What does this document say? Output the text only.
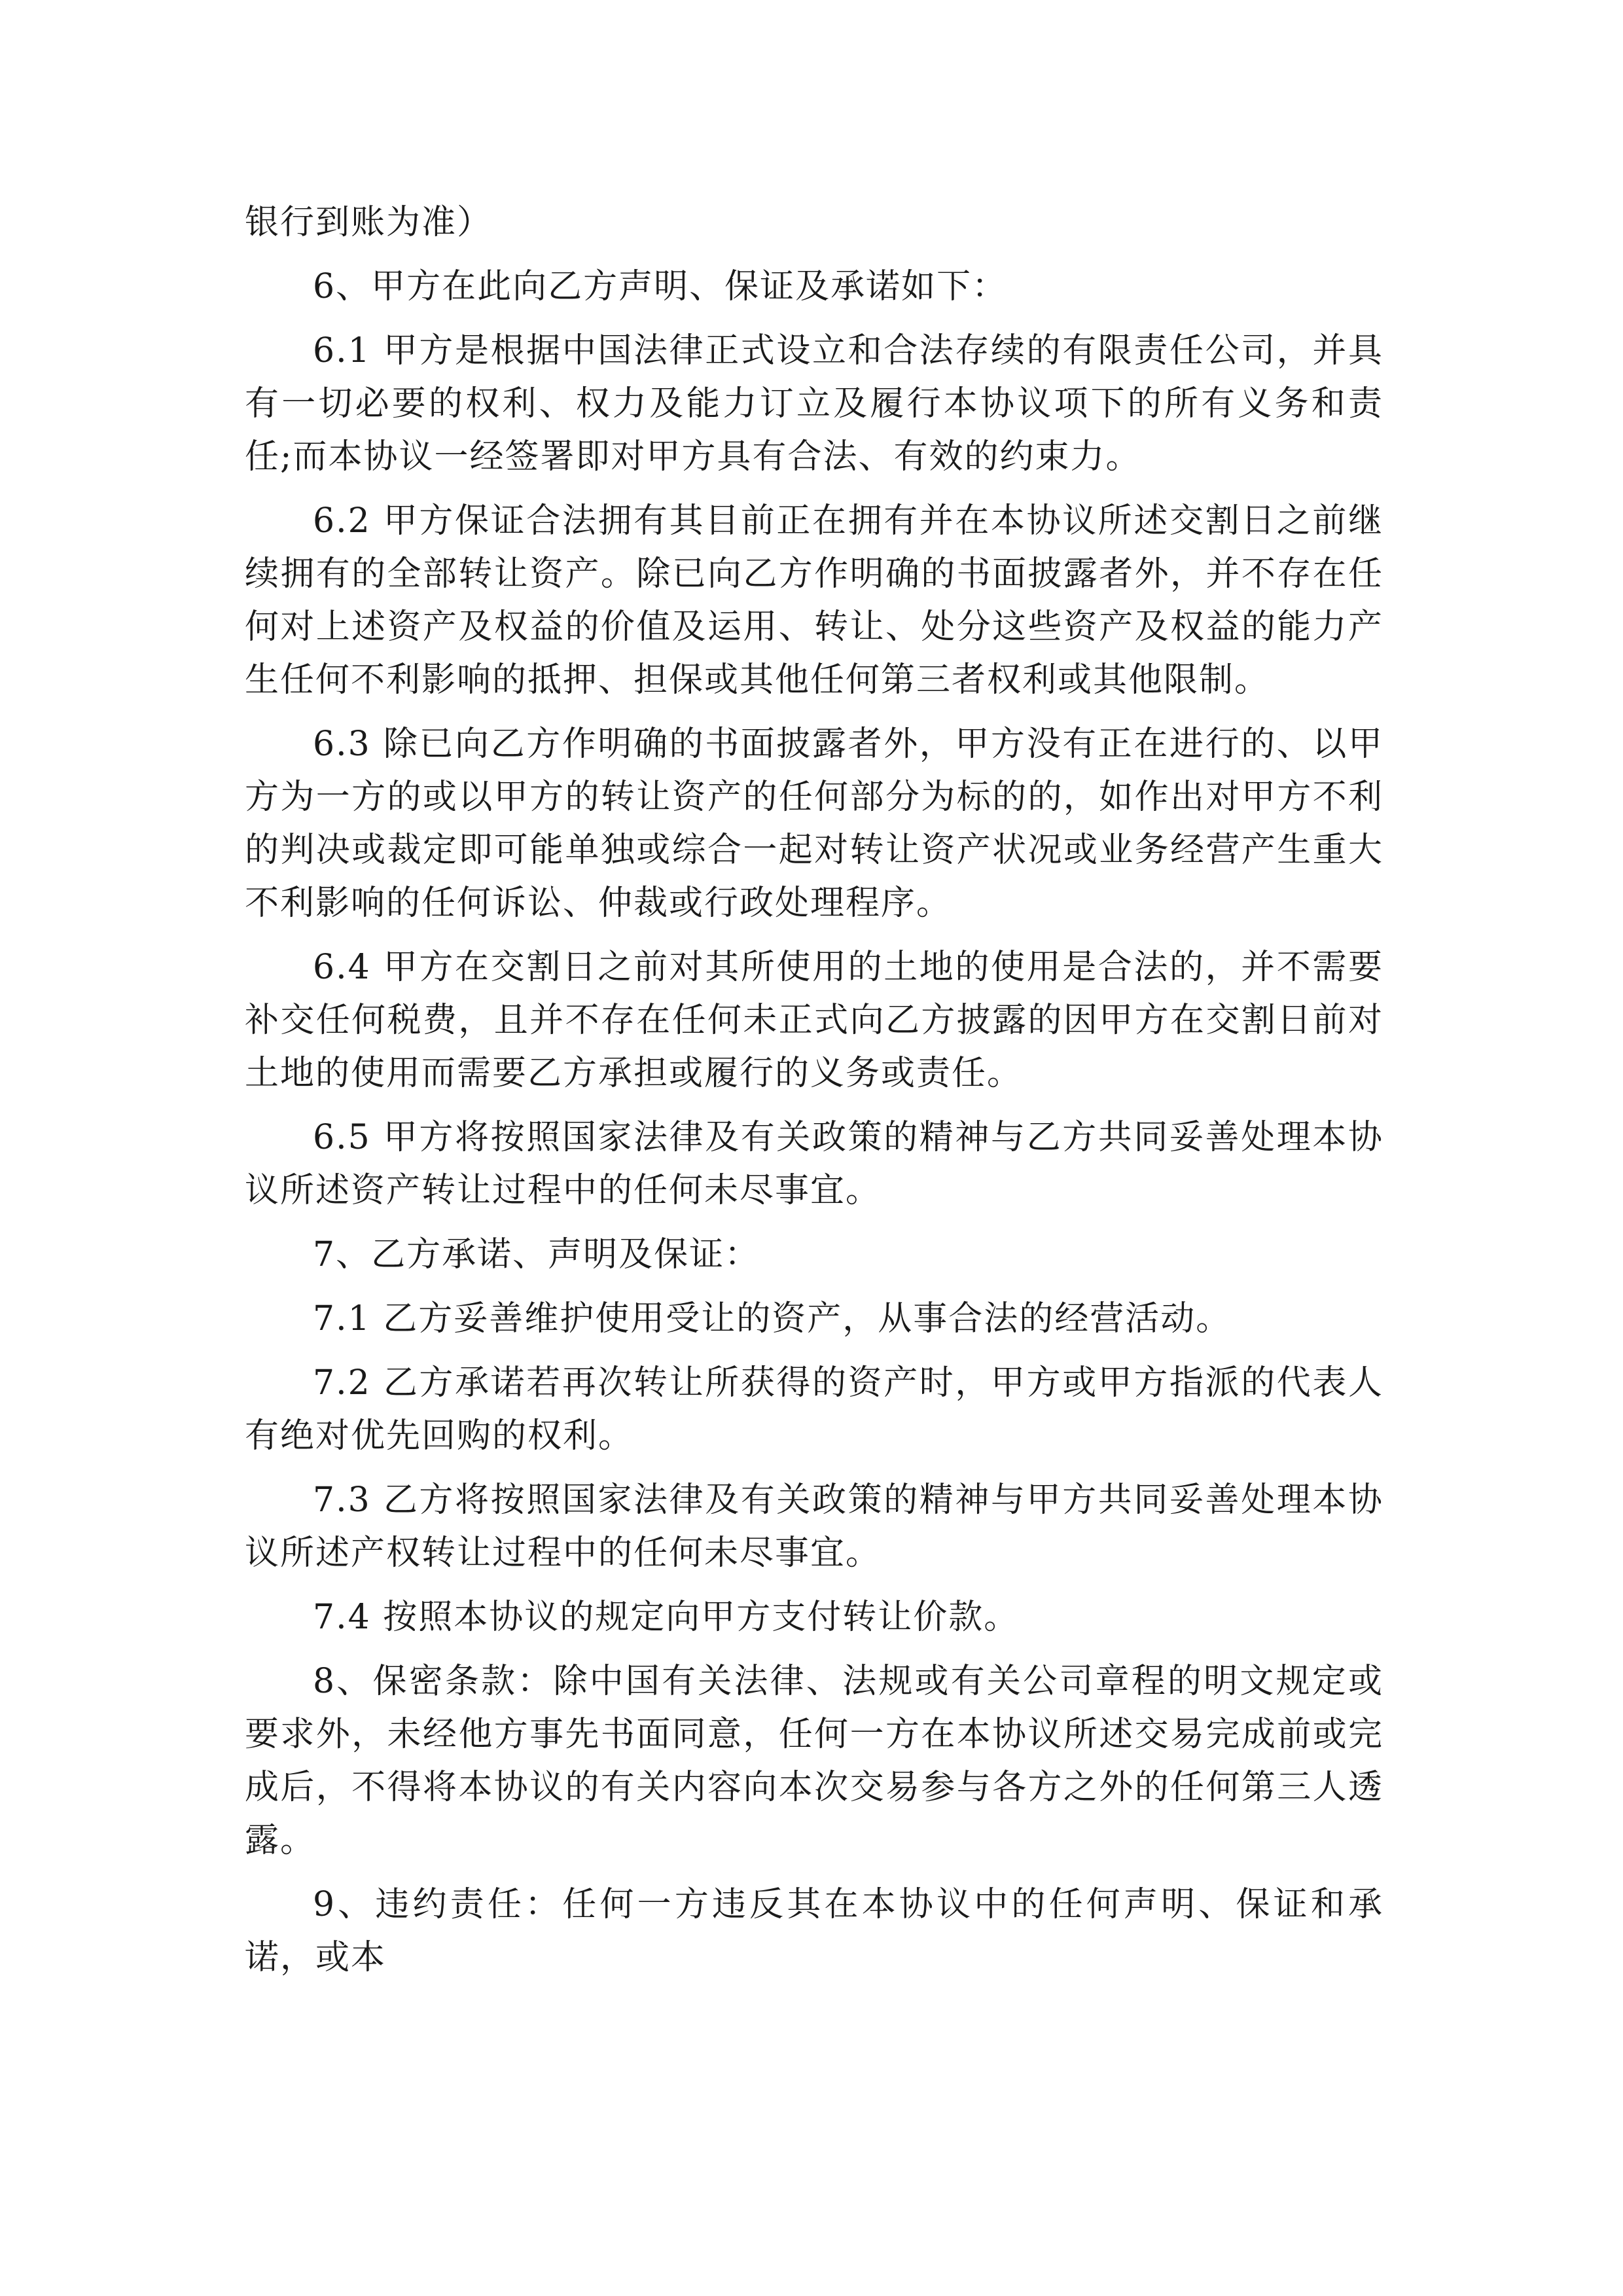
银行到账为准）

6、甲方在此向乙方声明、保证及承诺如下：

6.1 甲方是根据中国法律正式设立和合法存续的有限责任公司，并具有一切必要的权利、权力及能力订立及履行本协议项下的所有义务和责任;而本协议一经签署即对甲方具有合法、有效的约束力。

6.2 甲方保证合法拥有其目前正在拥有并在本协议所述交割日之前继续拥有的全部转让资产。除已向乙方作明确的书面披露者外，并不存在任何对上述资产及权益的价值及运用、转让、处分这些资产及权益的能力产生任何不利影响的抵押、担保或其他任何第三者权利或其他限制。

6.3 除已向乙方作明确的书面披露者外，甲方没有正在进行的、以甲方为一方的或以甲方的转让资产的任何部分为标的的，如作出对甲方不利的判决或裁定即可能单独或综合一起对转让资产状况或业务经营产生重大不利影响的任何诉讼、仲裁或行政处理程序。

6.4 甲方在交割日之前对其所使用的土地的使用是合法的，并不需要补交任何税费，且并不存在任何未正式向乙方披露的因甲方在交割日前对土地的使用而需要乙方承担或履行的义务或责任。

6.5 甲方将按照国家法律及有关政策的精神与乙方共同妥善处理本协议所述资产转让过程中的任何未尽事宜。

7、乙方承诺、声明及保证：

7.1 乙方妥善维护使用受让的资产，从事合法的经营活动。

7.2 乙方承诺若再次转让所获得的资产时，甲方或甲方指派的代表人有绝对优先回购的权利。

7.3 乙方将按照国家法律及有关政策的精神与甲方共同妥善处理本协议所述产权转让过程中的任何未尽事宜。

7.4 按照本协议的规定向甲方支付转让价款。

8、保密条款：除中国有关法律、法规或有关公司章程的明文规定或要求外，未经他方事先书面同意，任何一方在本协议所述交易完成前或完成后，不得将本协议的有关内容向本次交易参与各方之外的任何第三人透露。

9、违约责任：任何一方违反其在本协议中的任何声明、保证和承诺，或本
